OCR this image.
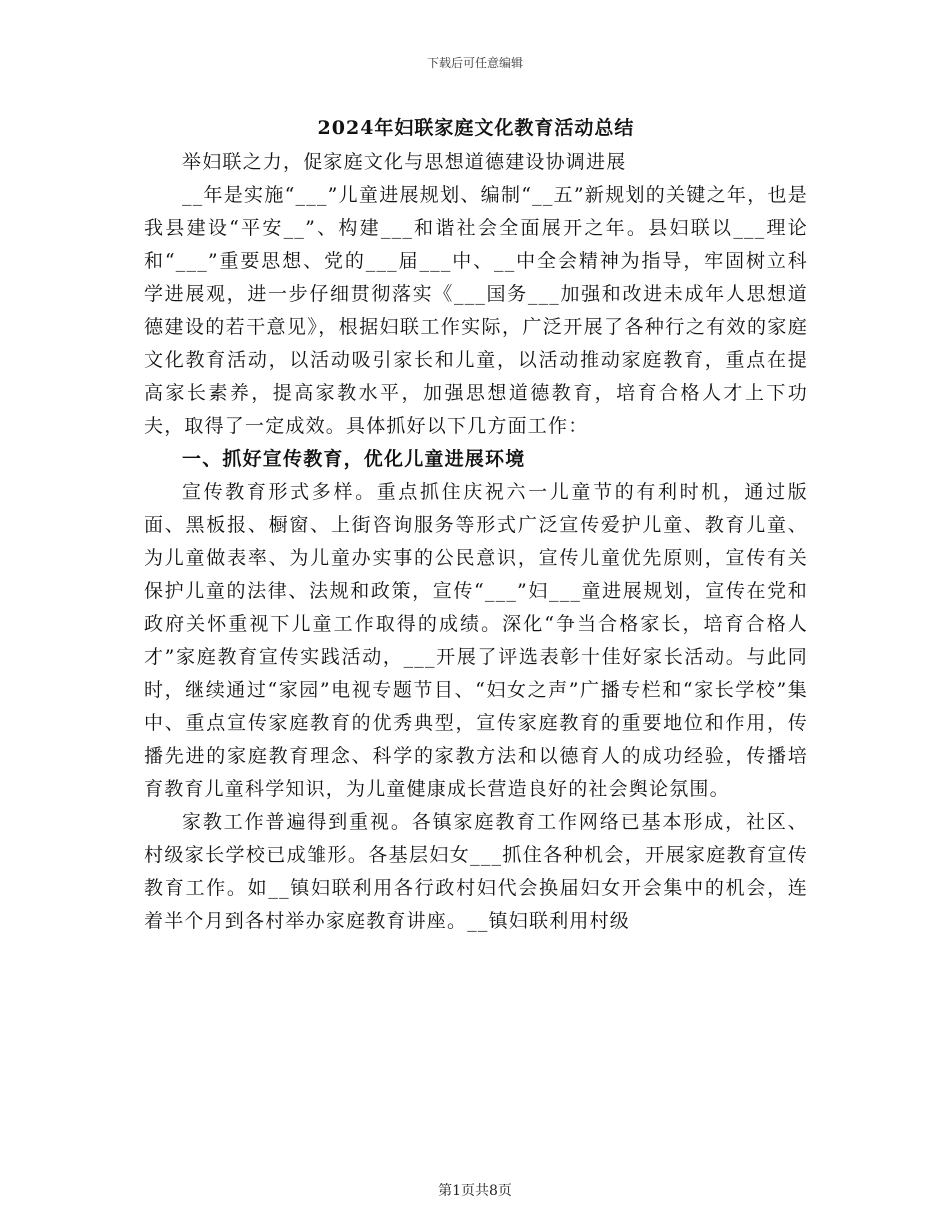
下载后可任意编辑
2024年妇联家庭文化教育活动总结

举妇联之力，促家庭文化与思想道德建设协调进展

__年是实施“___”儿童进展规划、编制“__五”新规划的关键之年，也是我县建设“平安__”、构建___和谐社会全面展开之年。县妇联以___理论和“___”重要思想、党的___届___中、__中全会精神为指导，牢固树立科学进展观，进一步仔细贯彻落实《___国务___加强和改进未成年人思想道德建设的若干意见》，根据妇联工作实际，广泛开展了各种行之有效的家庭文化教育活动，以活动吸引家长和儿童，以活动推动家庭教育，重点在提高家长素养，提高家教水平，加强思想道德教育，培育合格人才上下功夫，取得了一定成效。具体抓好以下几方面工作：

一、抓好宣传教育，优化儿童进展环境

宣传教育形式多样。重点抓住庆祝六一儿童节的有利时机，通过版面、黑板报、橱窗、上街咨询服务等形式广泛宣传爱护儿童、教育儿童、为儿童做表率、为儿童办实事的公民意识，宣传儿童优先原则，宣传有关保护儿童的法律、法规和政策，宣传“___”妇___童进展规划，宣传在党和政府关怀重视下儿童工作取得的成绩。深化“争当合格家长，培育合格人才”家庭教育宣传实践活动，___开展了评选表彰十佳好家长活动。与此同时，继续通过“家园”电视专题节目、“妇女之声”广播专栏和“家长学校”集中、重点宣传家庭教育的优秀典型，宣传家庭教育的重要地位和作用，传播先进的家庭教育理念、科学的家教方法和以德育人的成功经验，传播培育教育儿童科学知识，为儿童健康成长营造良好的社会舆论氛围。

家教工作普遍得到重视。各镇家庭教育工作网络已基本形成，社区、村级家长学校已成雏形。各基层妇女___抓住各种机会，开展家庭教育宣传教育工作。如__镇妇联利用各行政村妇代会换届妇女开会集中的机会，连着半个月到各村举办家庭教育讲座。__镇妇联利用村级

第1页共8页
